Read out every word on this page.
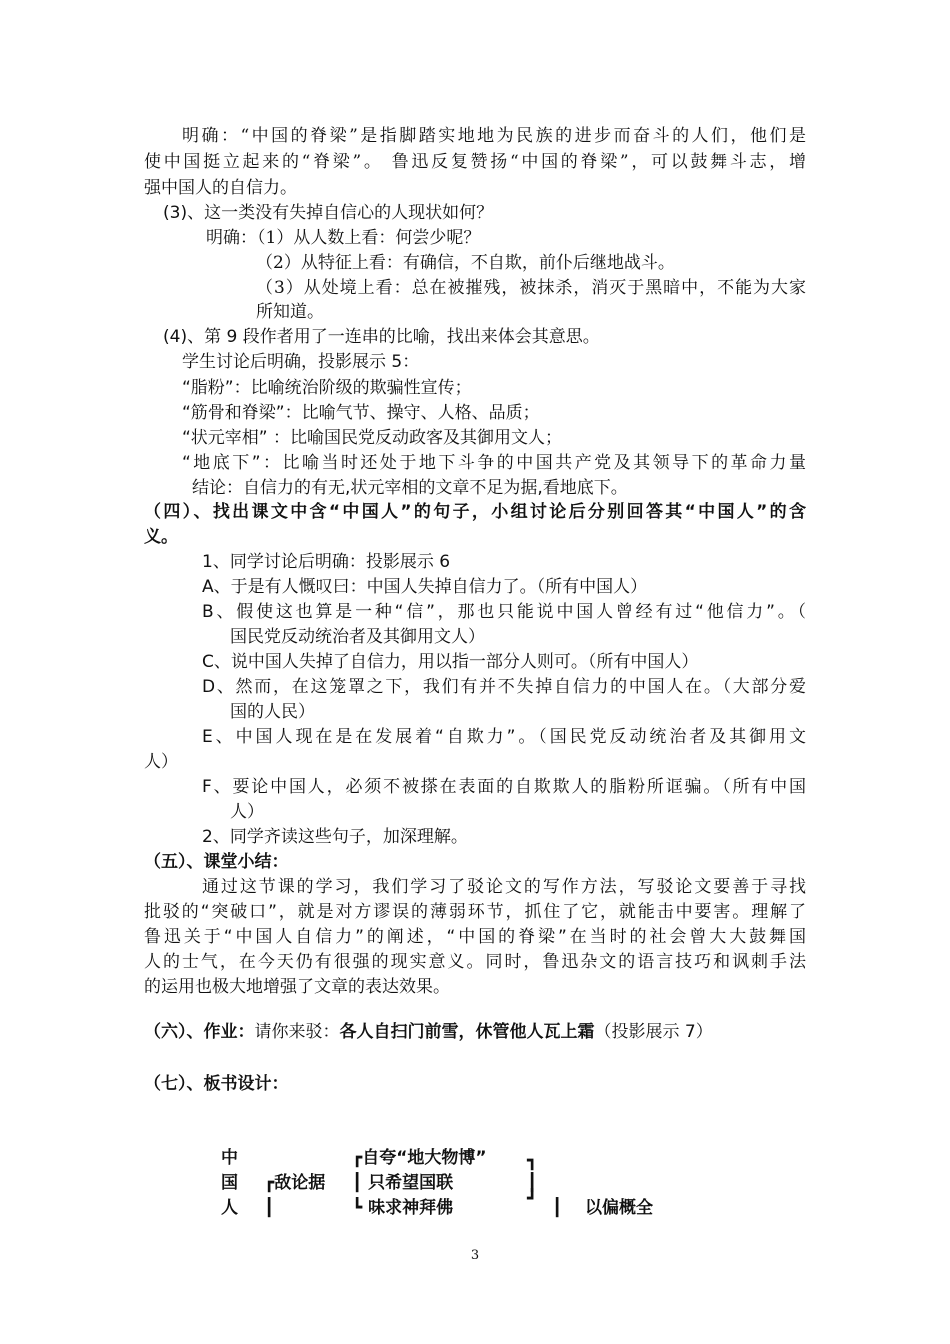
明确：“中国的脊梁”是指脚踏实地地为民族的进步而奋斗的人们，他们是
使中国挺立起来的“脊梁”。 鲁迅反复赞扬“中国的脊梁”，可以鼓舞斗志，增
强中国人的自信力。
(3)、这一类没有失掉自信心的人现状如何？
明确：（1）从人数上看：何尝少呢？
（2）从特征上看：有确信，不自欺，前仆后继地战斗。
（3）从处境上看：总在被摧残，被抹杀，消灭于黑暗中，不能为大家
所知道。
(4)、第 9 段作者用了一连串的比喻，找出来体会其意思。
学生讨论后明确，投影展示 5：
“脂粉”：比喻统治阶级的欺骗性宣传；
“筋骨和脊梁”：比喻气节、操守、人格、品质；
“状元宰相” ：比喻国民党反动政客及其御用文人；
“地底下”：比喻当时还处于地下斗争的中国共产党及其领导下的革命力量
结论：自信力的有无,状元宰相的文章不足为据,看地底下。
（四）、找出课文中含“中国人”的句子，小组讨论后分别回答其“中国人”的含
义。
1、同学讨论后明确：投影展示 6
A、于是有人慨叹曰：中国人失掉自信力了。（所有中国人）
B、假使这也算是一种“信”，那也只能说中国人曾经有过“他信力”。（
国民党反动统治者及其御用文人）
C、说中国人失掉了自信力，用以指一部分人则可。（所有中国人）
D、然而，在这笼罩之下，我们有并不失掉自信力的中国人在。（大部分爱
国的人民）
E、中国人现在是在发展着“自欺力”。（国民党反动统治者及其御用文
人）
F、要论中国人，必须不被搽在表面的自欺欺人的脂粉所诓骗。（所有中国
人）
2、同学齐读这些句子，加深理解。
（五）、课堂小结：
通过这节课的学习，我们学习了驳论文的写作方法，写驳论文要善于寻找
批驳的“突破口”，就是对方谬误的薄弱环节，抓住了它，就能击中要害。理解了
鲁迅关于“中国人自信力”的阐述，“中国的脊梁”在当时的社会曾大大鼓舞国
人的士气，在今天仍有很强的现实意义。同时，鲁迅杂文的语言技巧和讽刺手法
的运用也极大地增强了文章的表达效果。
（六）、作业：请你来驳：各人自扫门前雪，休管他人瓦上霜（投影展示 7）
（七）、板书设计：
中
国
人
┏敌论据
┃
┏自夸“地大物博”
┃ 只希望国联
┗ 味求神拜佛
┓
┃
┛ ┃ 以偏概全
3
